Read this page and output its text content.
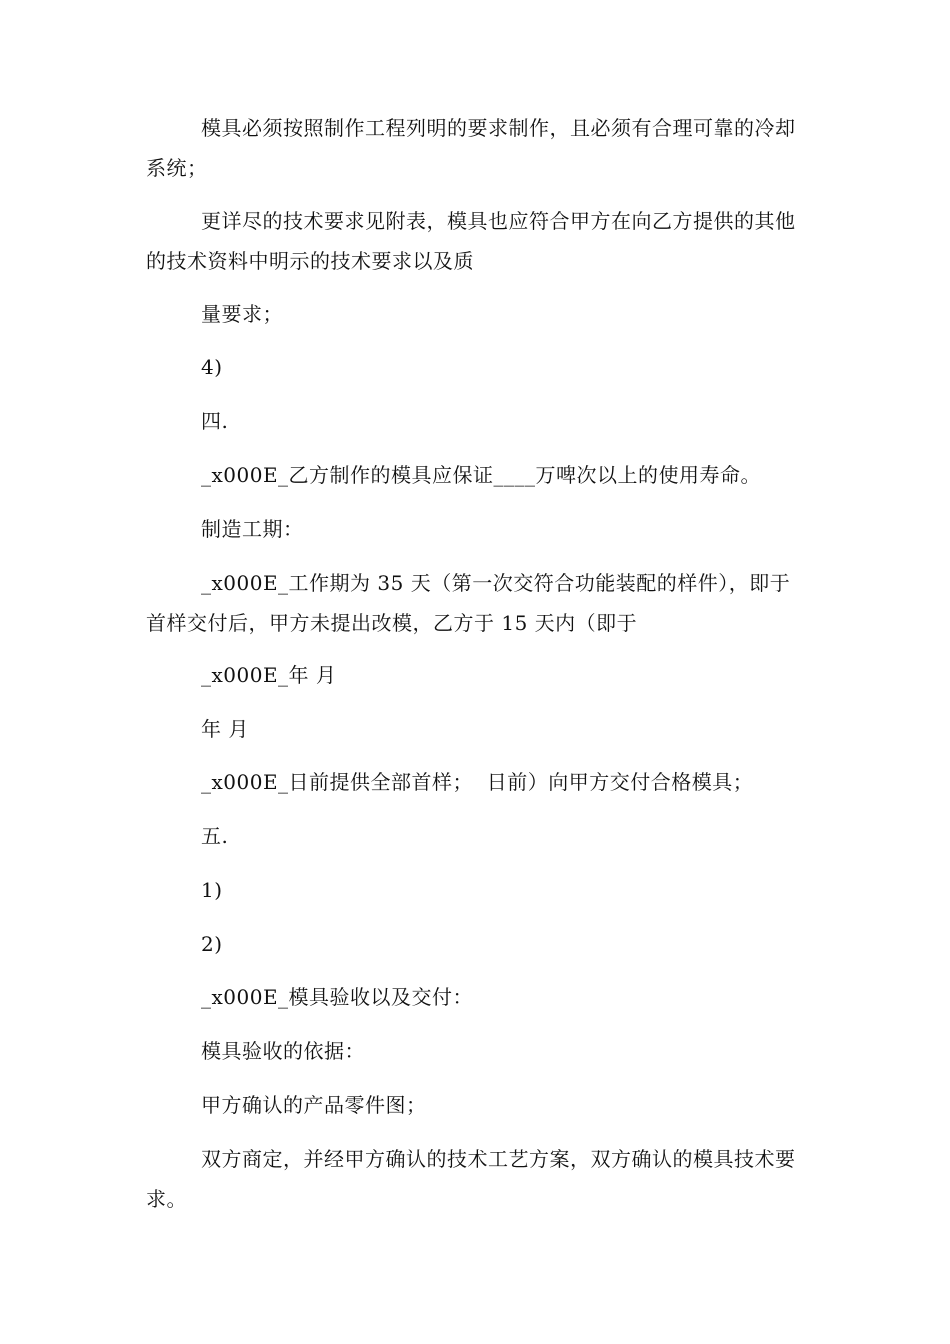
模具必须按照制作工程列明的要求制作，且必须有合理可靠的冷却系统；

更详尽的技术要求见附表，模具也应符合甲方在向乙方提供的其他的技术资料中明示的技术要求以及质

量要求；

4)

四.

_x000E_乙方制作的模具应保证____万啤次以上的使用寿命。

制造工期：

_x000E_工作期为 35 天（第一次交符合功能装配的样件），即于 首样交付后，甲方未提出改模，乙方于 15 天内（即于

_x000E_年 月

年 月

_x000E_日前提供全部首样；  日前）向甲方交付合格模具；

五.

1)

2)

_x000E_模具验收以及交付：

模具验收的依据：

甲方确认的产品零件图；

双方商定，并经甲方确认的技术工艺方案，双方确认的模具技术要求。
